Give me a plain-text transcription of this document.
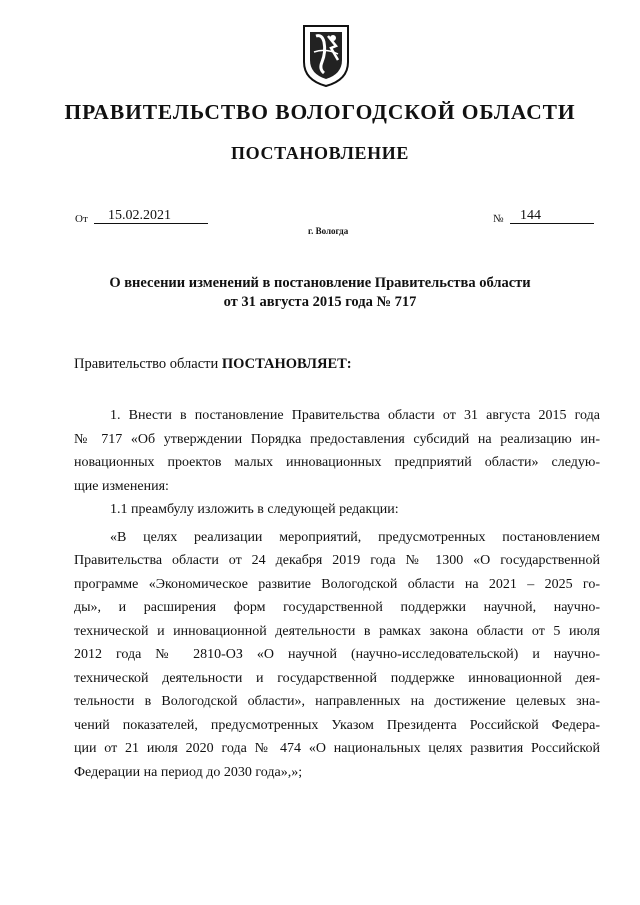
ПРАВИТЕЛЬСТВО ВОЛОГОДСКОЙ ОБЛАСТИ
ПОСТАНОВЛЕНИЕ
От	15.02.2021	№	144
г. Вологда
О внесении изменений в постановление Правительства области
от 31 августа 2015 года № 717
Правительство области ПОСТАНОВЛЯЕТ:
1. Внести в постановление Правительства области от 31 августа 2015 года
№ 717 «Об утверждении Порядка предоставления субсидий на реализацию ин-
новационных проектов малых инновационных предприятий области» следую-
щие изменения:
1.1 преамбулу изложить в следующей редакции:
«В целях реализации мероприятий, предусмотренных постановлением
Правительства области от 24 декабря 2019 года № 1300 «О государственной
программе «Экономическое развитие Вологодской области на 2021 – 2025 го-
ды», и расширения форм государственной поддержки научной, научно-
технической и инновационной деятельности в рамках закона области от 5 июля
2012 года № 2810-ОЗ «О научной (научно-исследовательской) и научно-
технической деятельности и государственной поддержке инновационной дея-
тельности в Вологодской области», направленных на достижение целевых зна-
чений показателей, предусмотренных Указом Президента Российской Федера-
ции от 21 июля 2020 года № 474 «О национальных целях развития Российской
Федерации на период до 2030 года»,»;
